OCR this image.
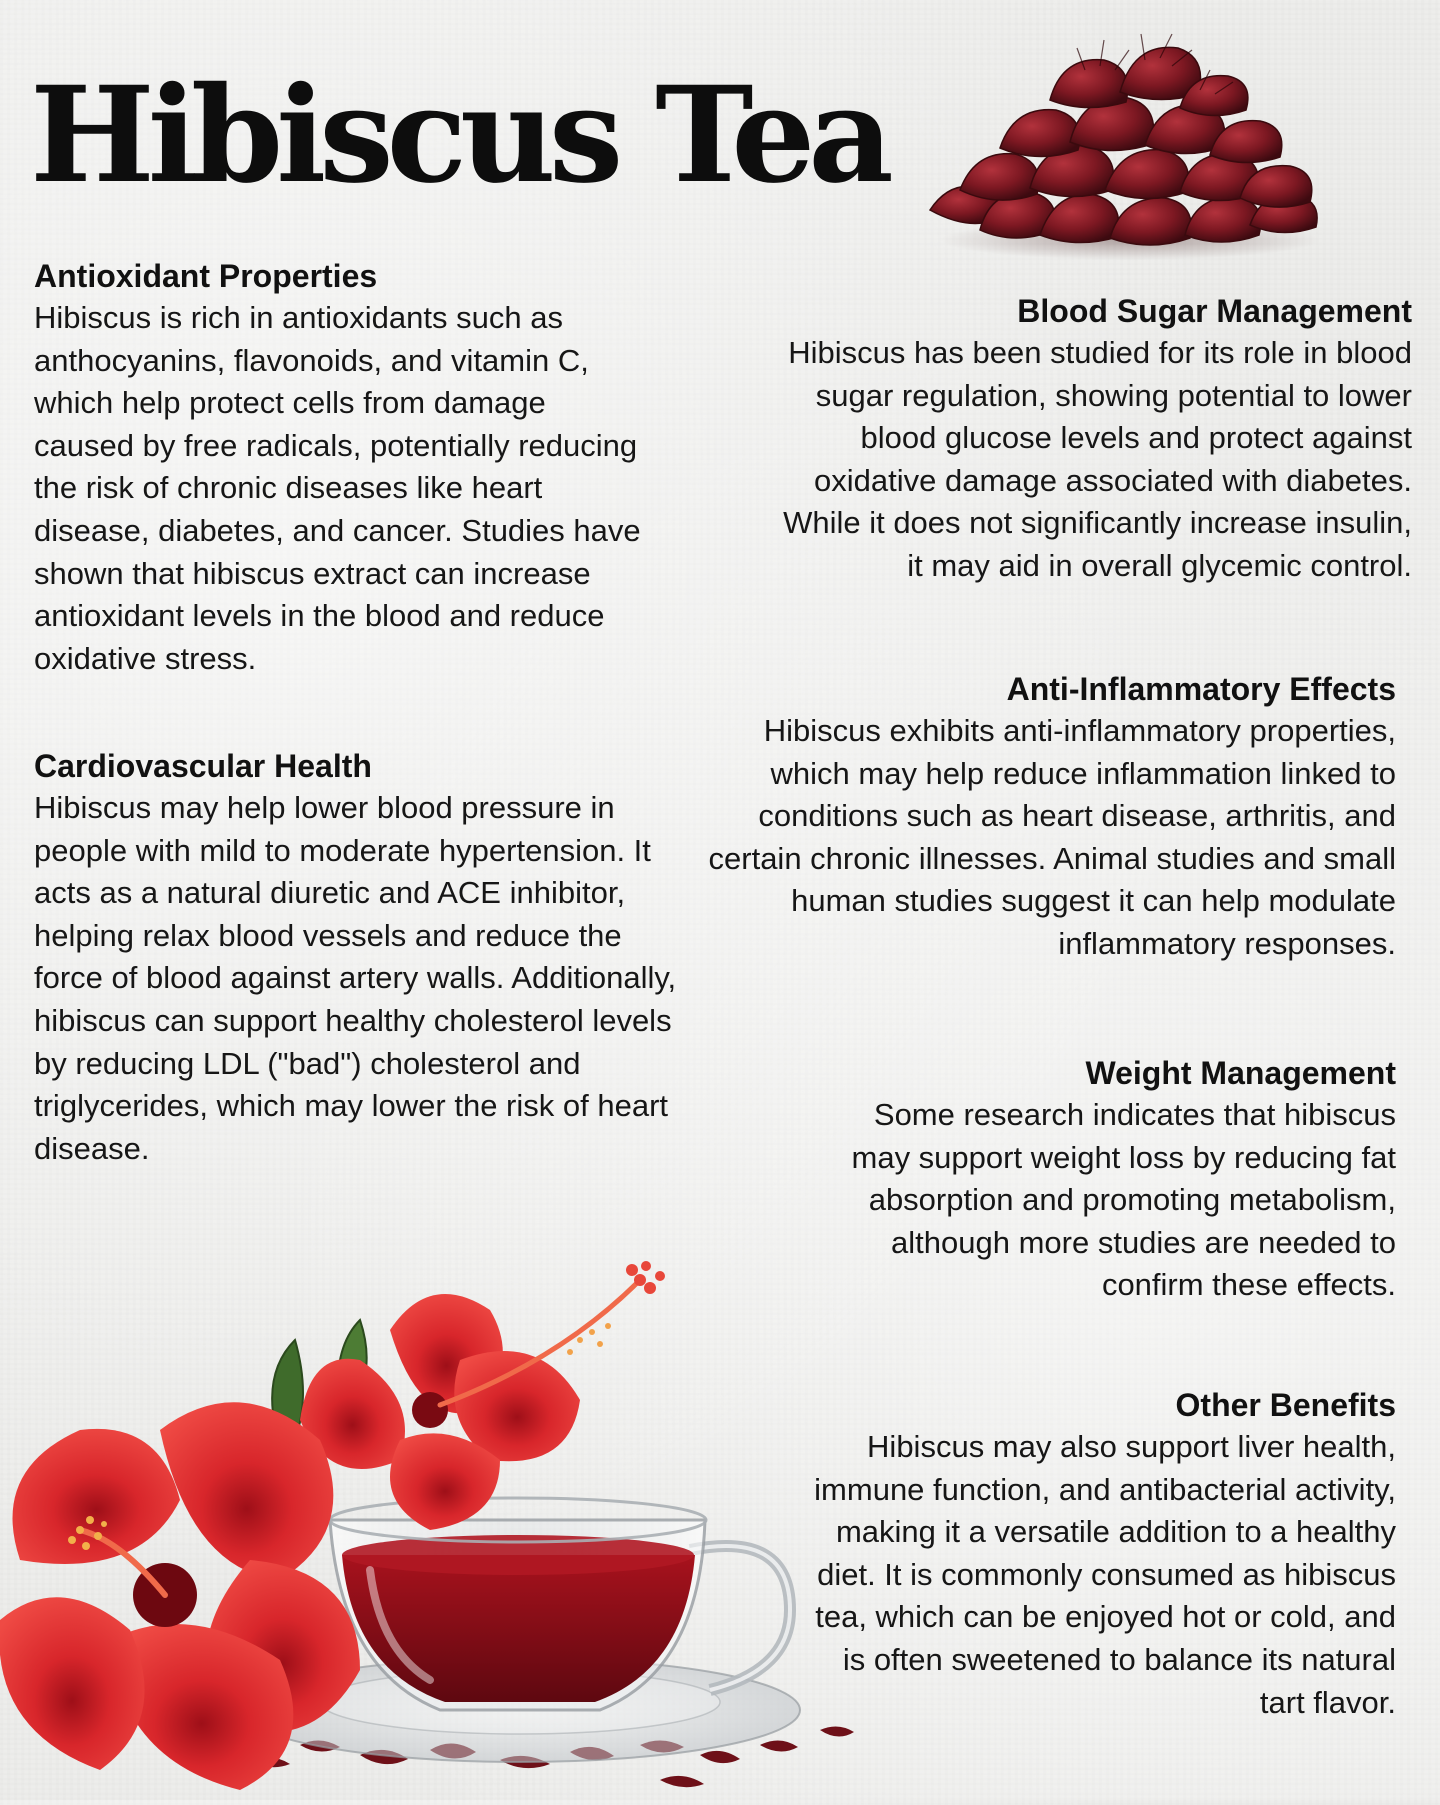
Hibiscus Tea
Antioxidant Properties

Hibiscus is rich in antioxidants such as anthocyanins, flavonoids, and vitamin C, which help protect cells from damage caused by free radicals, potentially reducing the risk of chronic diseases like heart disease, diabetes, and cancer. Studies have shown that hibiscus extract can increase antioxidant levels in the blood and reduce oxidative stress.

Cardiovascular Health

Hibiscus may help lower blood pressure in people with mild to moderate hypertension. It acts as a natural diuretic and ACE inhibitor, helping relax blood vessels and reduce the force of blood against artery walls. Additionally, hibiscus can support healthy cholesterol levels by reducing LDL ("bad") cholesterol and triglycerides, which may lower the risk of heart disease.

Blood Sugar Management

Hibiscus has been studied for its role in blood sugar regulation, showing potential to lower blood glucose levels and protect against oxidative damage associated with diabetes. While it does not significantly increase insulin, it may aid in overall glycemic control.

Anti-Inflammatory Effects

Hibiscus exhibits anti-inflammatory properties, which may help reduce inflammation linked to conditions such as heart disease, arthritis, and certain chronic illnesses. Animal studies and small human studies suggest it can help modulate inflammatory responses.

Weight Management

Some research indicates that hibiscus may support weight loss by reducing fat absorption and promoting metabolism, although more studies are needed to confirm these effects.

Other Benefits

Hibiscus may also support liver health, immune function, and antibacterial activity, making it a versatile addition to a healthy diet. It is commonly consumed as hibiscus tea, which can be enjoyed hot or cold, and is often sweetened to balance its natural tart flavor.
